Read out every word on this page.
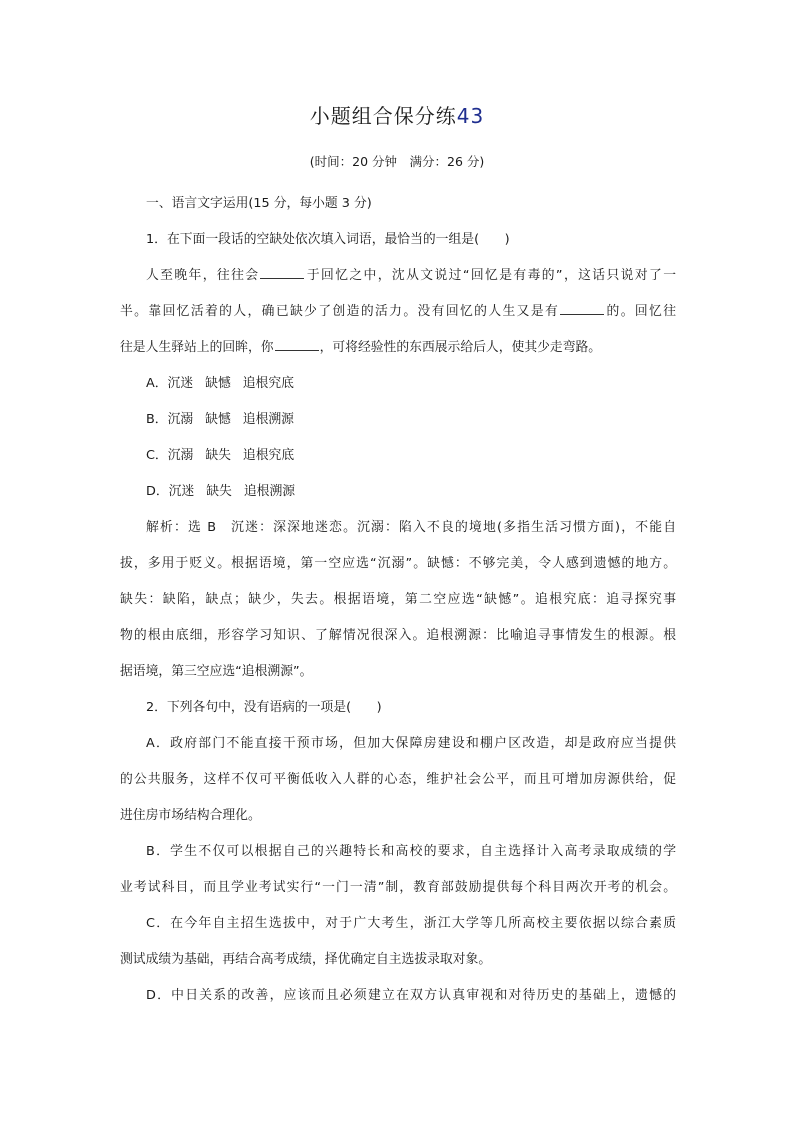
小题组合保分练43
(时间：20 分钟　满分：26 分)
一、语言文字运用(15 分，每小题 3 分)
1．在下面一段话的空缺处依次填入词语，最恰当的一组是(　　)
人至晚年，往往会	于回忆之中，沈从文说过“回忆是有毒的”，这话只说对了一
半。靠回忆活着的人，确已缺少了创造的活力。没有回忆的人生又是有	的。回忆往
往是人生驿站上的回眸，你	，可将经验性的东西展示给后人，使其少走弯路。
A．沉迷 缺憾 追根究底
B．沉溺 缺憾 追根溯源
C．沉溺 缺失 追根究底
D．沉迷 缺失 追根溯源
解析：选 B　沉迷：深深地迷恋。沉溺：陷入不良的境地(多指生活习惯方面)，不能自
拔，多用于贬义。根据语境，第一空应选“沉溺”。缺憾：不够完美，令人感到遗憾的地方。
缺失：缺陷，缺点；缺少，失去。根据语境，第二空应选“缺憾”。追根究底：追寻探究事
物的根由底细，形容学习知识、了解情况很深入。追根溯源：比喻追寻事情发生的根源。根
据语境，第三空应选“追根溯源”。
2．下列各句中，没有语病的一项是(　　)
A．政府部门不能直接干预市场，但加大保障房建设和棚户区改造，却是政府应当提供
的公共服务，这样不仅可平衡低收入人群的心态，维护社会公平，而且可增加房源供给，促
进住房市场结构合理化。
B．学生不仅可以根据自己的兴趣特长和高校的要求，自主选择计入高考录取成绩的学
业考试科目，而且学业考试实行“一门一清”制，教育部鼓励提供每个科目两次开考的机会。
C．在今年自主招生选拔中，对于广大考生，浙江大学等几所高校主要依据以综合素质
测试成绩为基础，再结合高考成绩，择优确定自主选拔录取对象。
D．中日关系的改善，应该而且必须建立在双方认真审视和对待历史的基础上，遗憾的
